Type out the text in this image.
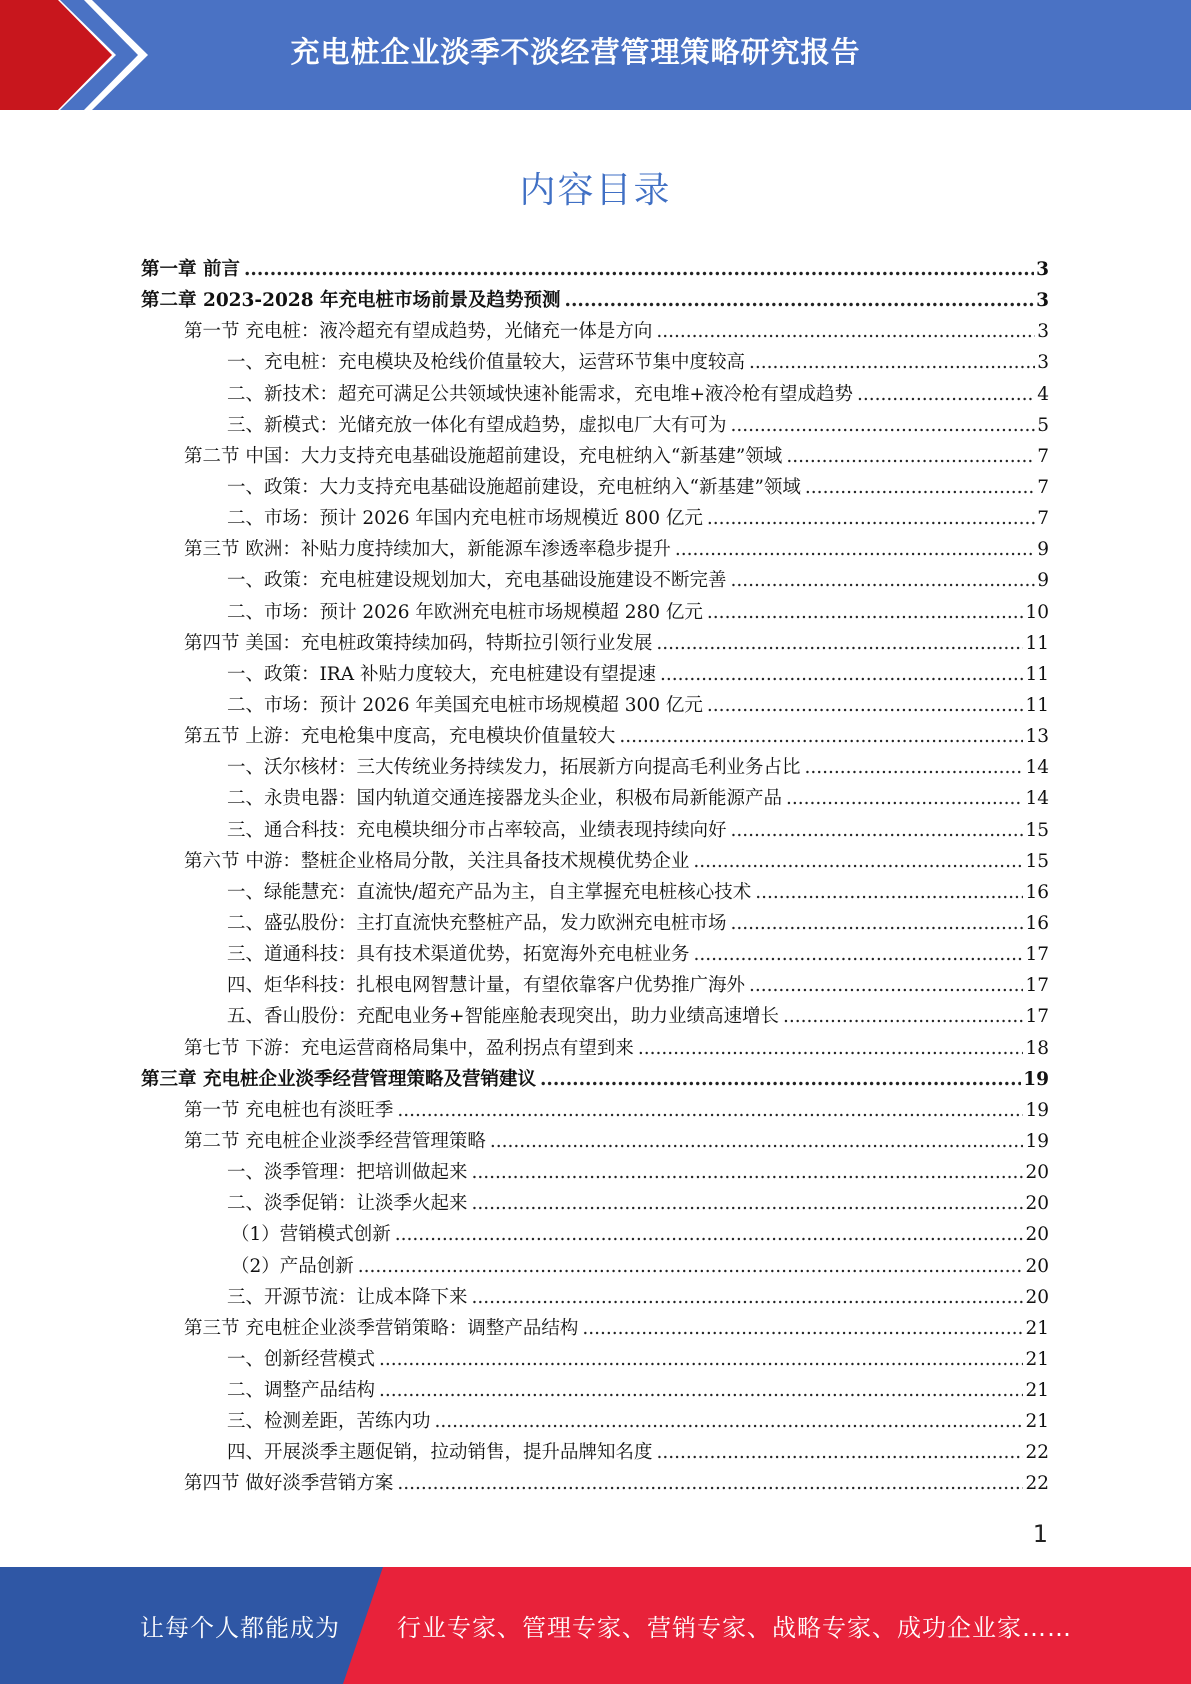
充电桩企业淡季不淡经营管理策略研究报告
内容目录
第一章 前言 .....	3
第二章 2023-2028 年充电桩市场前景及趋势预测 .....	3
第一节 充电桩：液冷超充有望成趋势，光储充一体是方向 .....	3
一、充电桩：充电模块及枪线价值量较大，运营环节集中度较高 .....	3
二、新技术：超充可满足公共领域快速补能需求，充电堆+液冷枪有望成趋势 .....	4
三、新模式：光储充放一体化有望成趋势，虚拟电厂大有可为 .....	5
第二节 中国：大力支持充电基础设施超前建设，充电桩纳入“新基建”领域 .....	7
一、政策：大力支持充电基础设施超前建设，充电桩纳入“新基建”领域 .....	7
二、市场：预计 2026 年国内充电桩市场规模近 800 亿元 .....	7
第三节 欧洲：补贴力度持续加大，新能源车渗透率稳步提升 .....	9
一、政策：充电桩建设规划加大，充电基础设施建设不断完善 .....	9
二、市场：预计 2026 年欧洲充电桩市场规模超 280 亿元 .....	10
第四节 美国：充电桩政策持续加码，特斯拉引领行业发展 .....	11
一、政策：IRA 补贴力度较大，充电桩建设有望提速 .....	11
二、市场：预计 2026 年美国充电桩市场规模超 300 亿元 .....	11
第五节 上游：充电枪集中度高，充电模块价值量较大 .....	13
一、沃尔核材：三大传统业务持续发力，拓展新方向提高毛利业务占比 .....	14
二、永贵电器：国内轨道交通连接器龙头企业，积极布局新能源产品 .....	14
三、通合科技：充电模块细分市占率较高，业绩表现持续向好 .....	15
第六节 中游：整桩企业格局分散，关注具备技术规模优势企业 .....	15
一、绿能慧充：直流快/超充产品为主，自主掌握充电桩核心技术 .....	16
二、盛弘股份：主打直流快充整桩产品，发力欧洲充电桩市场 .....	16
三、道通科技：具有技术渠道优势，拓宽海外充电桩业务 .....	17
四、炬华科技：扎根电网智慧计量，有望依靠客户优势推广海外 .....	17
五、香山股份：充配电业务+智能座舱表现突出，助力业绩高速增长 .....	17
第七节 下游：充电运营商格局集中，盈利拐点有望到来 .....	18
第三章 充电桩企业淡季经营管理策略及营销建议 .....	19
第一节 充电桩也有淡旺季 .....	19
第二节 充电桩企业淡季经营管理策略 .....	19
一、淡季管理：把培训做起来 .....	20
二、淡季促销：让淡季火起来 .....	20
（1）营销模式创新 .....	20
（2）产品创新 .....	20
三、开源节流：让成本降下来 .....	20
第三节 充电桩企业淡季营销策略：调整产品结构 .....	21
一、创新经营模式 .....	21
二、调整产品结构 .....	21
三、检测差距，苦练内功 .....	21
四、开展淡季主题促销，拉动销售，提升品牌知名度 .....	22
第四节 做好淡季营销方案 .....	22
1
让每个人都能成为 行业专家、管理专家、营销专家、战略专家、成功企业家……
